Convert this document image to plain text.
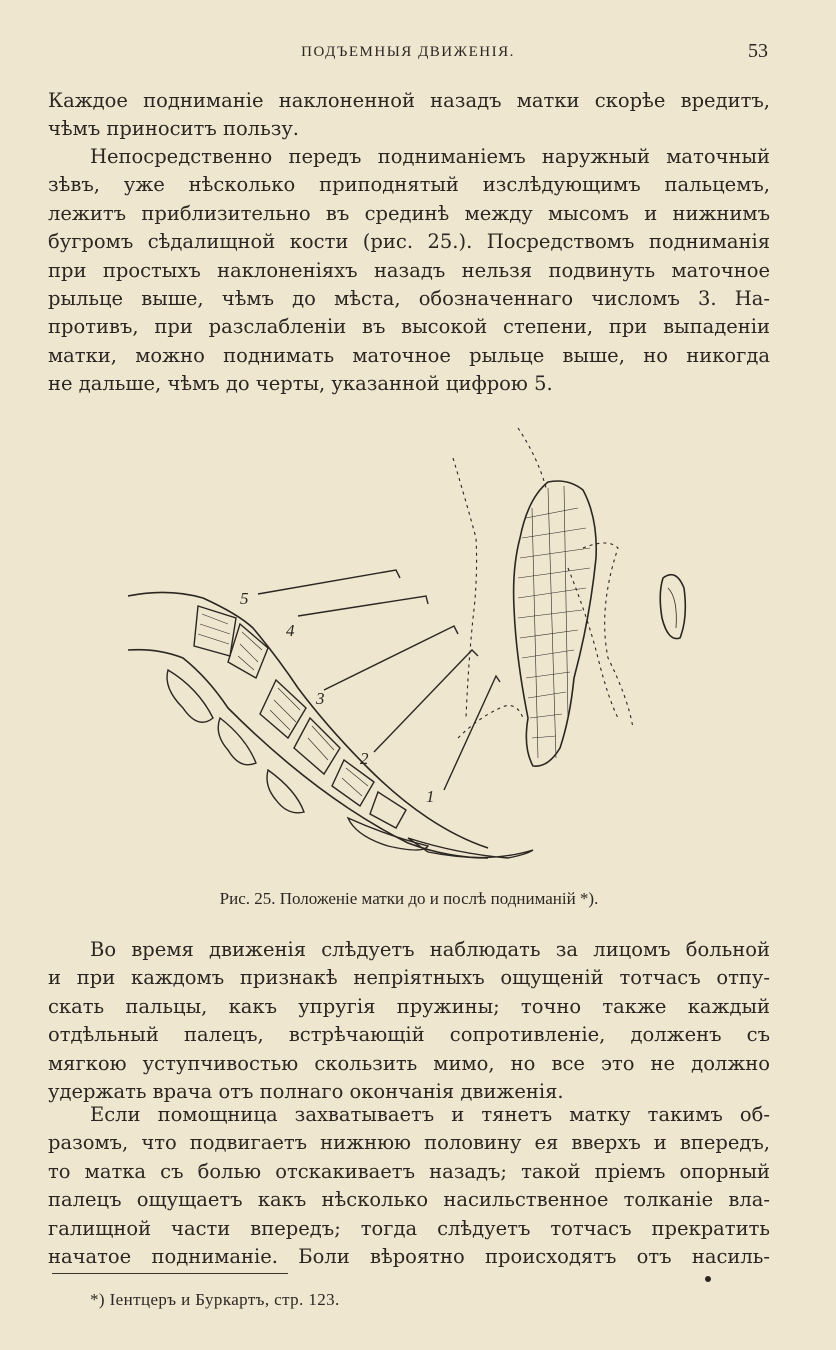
ПОДЪЕМНЫЯ ДВИЖЕНІЯ.	53
Каждое подниманіе наклоненной назадъ матки скорѣе вредитъ,
чѣмъ приноситъ пользу.
Непосредственно передъ подниманіемъ наружный маточный
зѣвъ, уже нѣсколько приподнятый изслѣдующимъ пальцемъ,
лежитъ приблизительно въ срединѣ между мысомъ и нижнимъ
бугромъ сѣдалищной кости (рис. 25.). Посредствомъ подниманія
при простыхъ наклоненіяхъ назадъ нельзя подвинуть маточное
рыльце выше, чѣмъ до мѣста, обозначеннаго числомъ 3. На-
противъ, при разслабленіи въ высокой степени, при выпаденіи
матки, можно поднимать маточное рыльце выше, но никогда
не дальше, чѣмъ до черты, указанной цифрою 5.
5
4
3
2
1
Рис. 25. Положеніе матки до и послѣ подниманій *).
Во время движенія слѣдуетъ наблюдать за лицомъ больной
и при каждомъ признакѣ непріятныхъ ощущеній тотчасъ отпу-
скать пальцы, какъ упругія пружины; точно также каждый
отдѣльный палецъ, встрѣчающій сопротивленіе, долженъ съ
мягкою уступчивостью скользить мимо, но все это не должно
удержать врача отъ полнаго окончанія движенія.
Если помощница захватываетъ и тянетъ матку такимъ об-
разомъ, что подвигаетъ нижнюю половину ея вверхъ и впередъ,
то матка съ болью отскакиваетъ назадъ; такой пріемъ опорный
палецъ ощущаетъ какъ нѣсколько насильственное толканіе вла-
галищной части впередъ; тогда слѣдуетъ тотчасъ прекратить
начатое подниманіе. Боли вѣроятно происходятъ отъ насиль-
*) Іентцеръ и Буркартъ, стр. 123.
